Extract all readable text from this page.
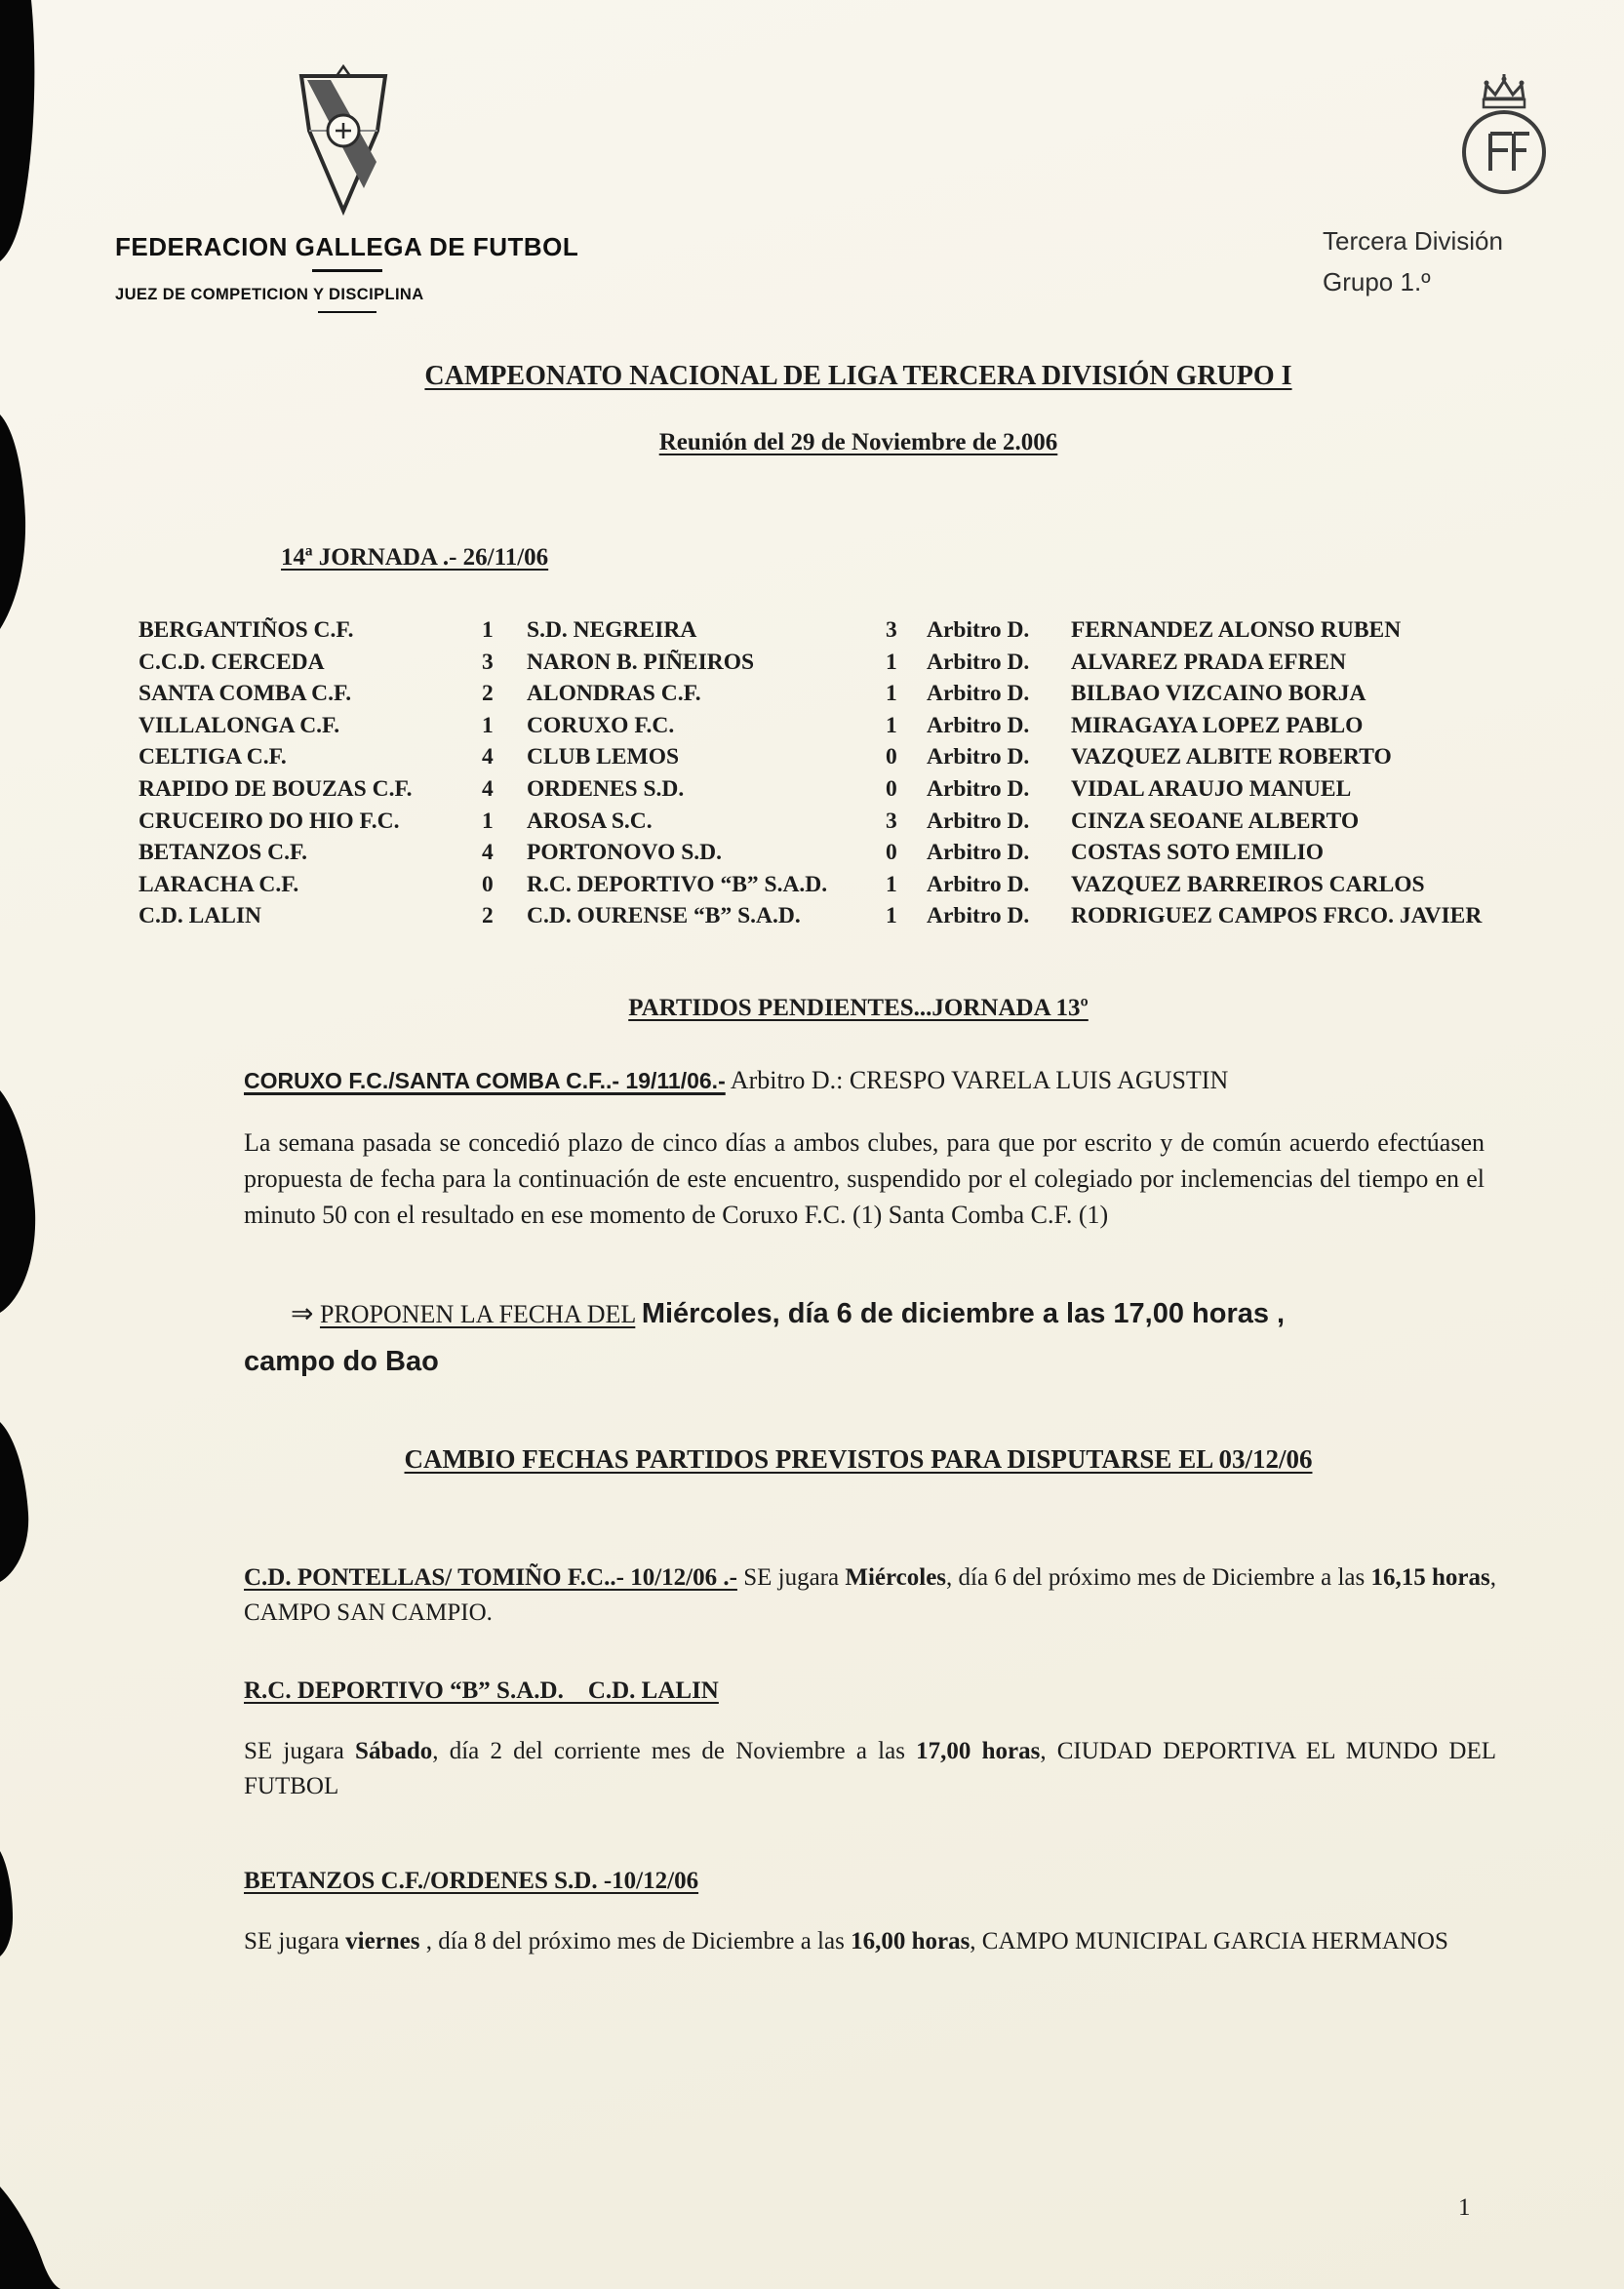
FEDERACION GALLEGA DE FUTBOL
JUEZ DE COMPETICION Y DISCIPLINA
Tercera División
Grupo 1.º
CAMPEONATO NACIONAL DE LIGA TERCERA DIVISIÓN GRUPO I
Reunión del 29 de Noviembre de 2.006
14ª JORNADA .- 26/11/06
BERGANTIÑOS C.F.	1	S.D. NEGREIRA	3	Arbitro D.	FERNANDEZ ALONSO RUBEN
C.C.D. CERCEDA	3	NARON B. PIÑEIROS	1	Arbitro D.	ALVAREZ PRADA EFREN
SANTA COMBA C.F.	2	ALONDRAS C.F.	1	Arbitro D.	BILBAO VIZCAINO BORJA
VILLALONGA C.F.	1	CORUXO F.C.	1	Arbitro D.	MIRAGAYA LOPEZ PABLO
CELTIGA C.F.	4	CLUB LEMOS	0	Arbitro D.	VAZQUEZ ALBITE ROBERTO
RAPIDO DE BOUZAS C.F.	4	ORDENES S.D.	0	Arbitro D.	VIDAL ARAUJO MANUEL
CRUCEIRO DO HIO F.C.	1	AROSA S.C.	3	Arbitro D.	CINZA SEOANE ALBERTO
BETANZOS C.F.	4	PORTONOVO S.D.	0	Arbitro D.	COSTAS SOTO EMILIO
LARACHA C.F.	0	R.C. DEPORTIVO “B” S.A.D.	1	Arbitro D.	VAZQUEZ BARREIROS CARLOS
C.D. LALIN	2	C.D. OURENSE “B” S.A.D.	1	Arbitro D.	RODRIGUEZ CAMPOS FRCO. JAVIER
PARTIDOS PENDIENTES...JORNADA 13º
CORUXO F.C./SANTA COMBA C.F..- 19/11/06.- Arbitro D.: CRESPO VARELA LUIS AGUSTIN
La semana pasada se concedió plazo de cinco días a ambos clubes, para que por escrito y de común acuerdo efectúasen propuesta de fecha para la continuación de este encuentro, suspendido por el colegiado por inclemencias del tiempo en el minuto 50 con el resultado en ese momento de Coruxo F.C. (1) Santa Comba C.F. (1)
⇒ PROPONEN LA FECHA DEL Miércoles, día 6 de diciembre a las 17,00 horas ,
campo do Bao
CAMBIO FECHAS PARTIDOS PREVISTOS PARA DISPUTARSE EL 03/12/06
C.D. PONTELLAS/ TOMIÑO F.C..- 10/12/06 .- SE jugara Miércoles, día 6 del próximo mes de Diciembre a las 16,15 horas, CAMPO SAN CAMPIO.
R.C. DEPORTIVO “B” S.A.D.    C.D. LALIN
SE jugara Sábado, día 2 del corriente mes de Noviembre a las 17,00 horas, CIUDAD DEPORTIVA EL MUNDO DEL FUTBOL
BETANZOS C.F./ORDENES S.D. -10/12/06
SE jugara viernes , día 8 del próximo mes de Diciembre a las 16,00 horas, CAMPO MUNICIPAL GARCIA HERMANOS
1
